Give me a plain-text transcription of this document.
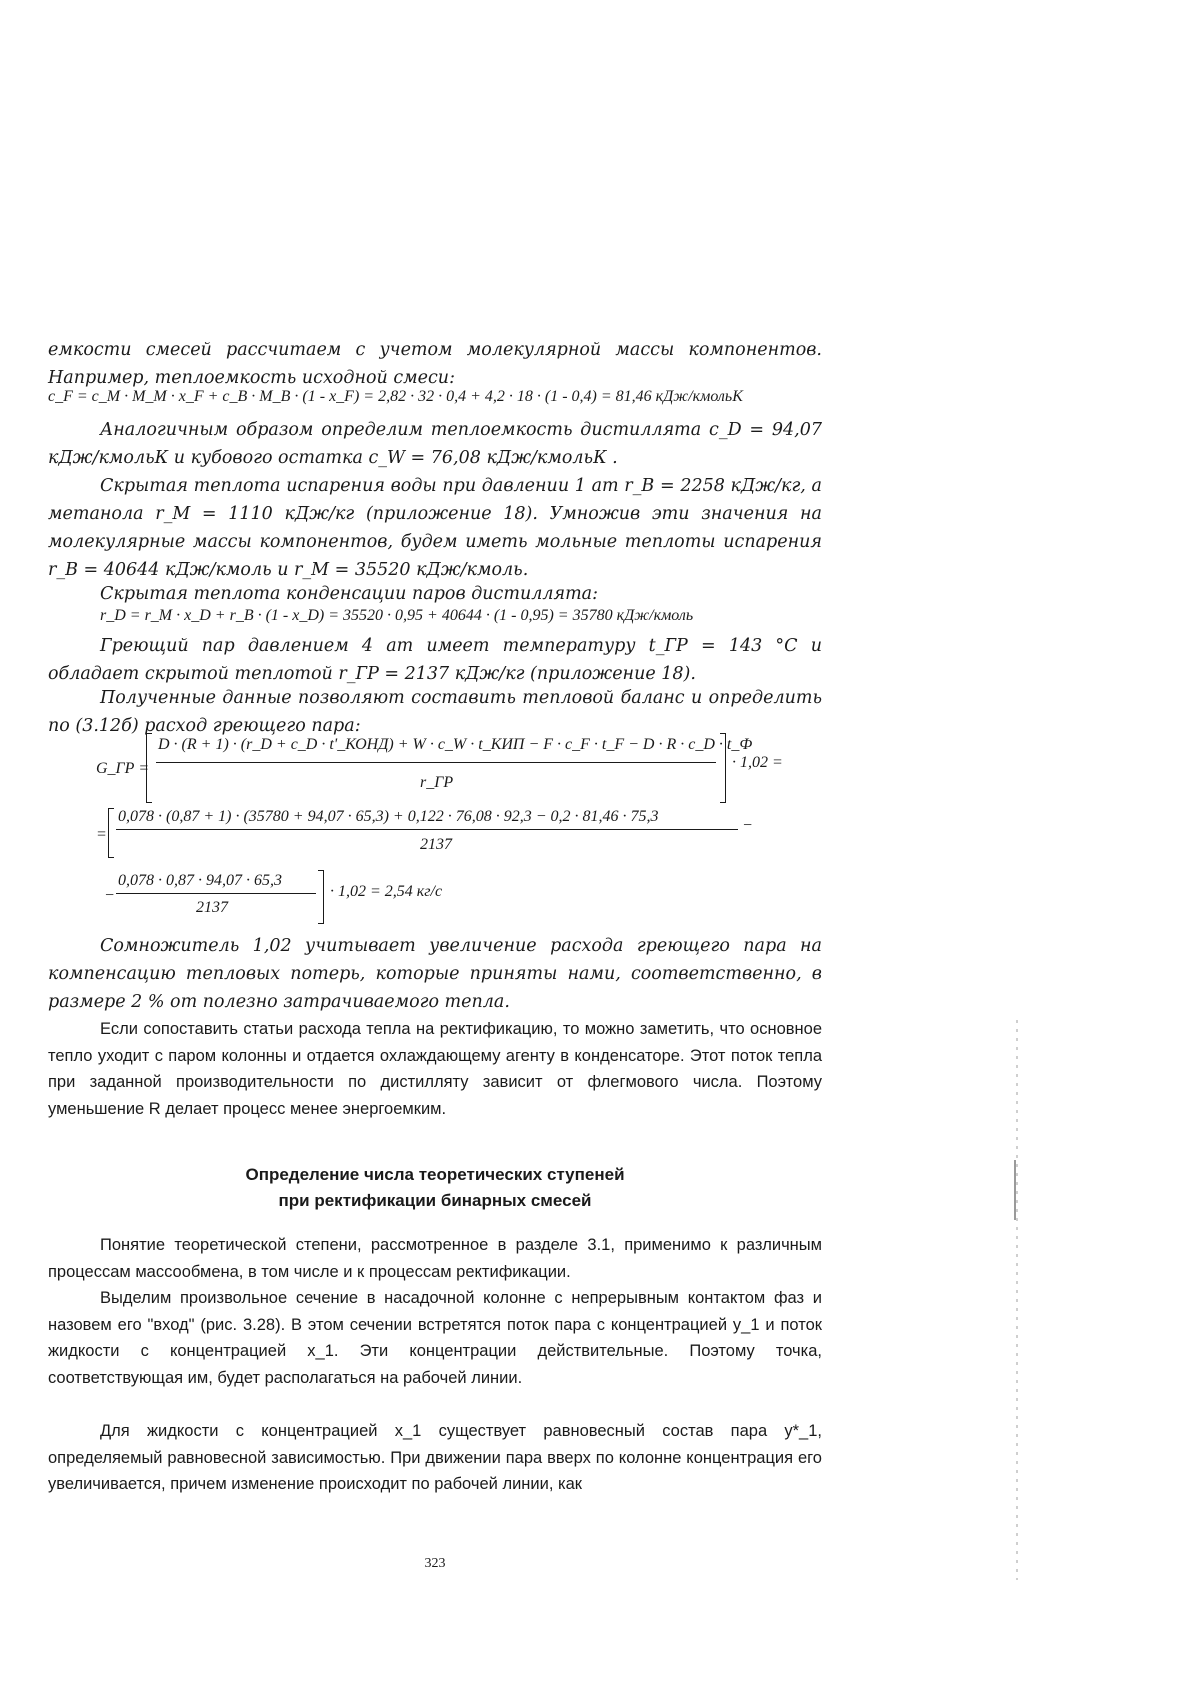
емкости смесей рассчитаем с учетом молекулярной массы компонентов. Например, теплоемкость исходной смеси:
c_F = c_М · M_М · x_F + c_В · M_В · (1 - x_F) = 2,82 · 32 · 0,4 + 4,2 · 18 · (1 - 0,4) = 81,46 кДж/кмольК
Аналогичным образом определим теплоемкость дистиллята c_D = 94,07 кДж/кмольК и кубового остатка c_W = 76,08 кДж/кмольК .
Скрытая теплота испарения воды при давлении 1 ат r_В = 2258 кДж/кг, а метанола r_М = 1110 кДж/кг (приложение 18). Умножив эти значения на молекулярные массы компонентов, будем иметь мольные теплоты испарения r_В = 40644 кДж/кмоль и r_М = 35520 кДж/кмоль.
Скрытая теплота конденсации паров дистиллята:
r_D = r_М · x_D + r_В · (1 - x_D) = 35520 · 0,95 + 40644 · (1 - 0,95) = 35780 кДж/кмоль
Греющий пар давлением 4 ат имеет температуру t_ГР = 143 °С и обладает скрытой теплотой r_ГР = 2137 кДж/кг (приложение 18).
Полученные данные позволяют составить тепловой баланс и определить по (3.12б) расход греющего пара:
G_ГР =
D · (R + 1) · (r_D + c_D · t'_КОНД) + W · c_W · t_КИП − F · c_F · t_F − D · R · c_D · t_Ф
r_ГР
· 1,02 =
=
0,078 · (0,87 + 1) · (35780 + 94,07 · 65,3) + 0,122 · 76,08 · 92,3 − 0,2 · 81,46 · 75,3
−
2137
−
0,078 · 0,87 · 94,07 · 65,3
2137
· 1,02 = 2,54 кг/с
Сомножитель 1,02 учитывает увеличение расхода греющего пара на компенсацию тепловых потерь, которые приняты нами, соответственно, в размере 2 % от полезно затрачиваемого тепла.
Если сопоставить статьи расхода тепла на ректификацию, то можно заметить, что основное тепло уходит с паром колонны и отдается охлаждающему агенту в конденсаторе. Этот поток тепла при заданной производительности по дистилляту зависит от флегмового числа. Поэтому уменьшение R делает процесс менее энергоемким.
Определение числа теоретических ступеней
при ректификации бинарных смесей
Понятие теоретической степени, рассмотренное в разделе 3.1, применимо к различным процессам массообмена, в том числе и к процессам ректификации.
Выделим произвольное сечение в насадочной колонне с непрерывным контактом фаз и назовем его "вход" (рис. 3.28). В этом сечении встретятся поток пара с концентрацией y_1 и поток жидкости с концентрацией x_1. Эти концентрации действительные. Поэтому точка, соответствующая им, будет располагаться на рабочей линии.
Для жидкости с концентрацией x_1 существует равновесный состав пара y*_1, определяемый равновесной зависимостью. При движении пара вверх по колонне концентрация его увеличивается, причем изменение происходит по рабочей линии, как
323
